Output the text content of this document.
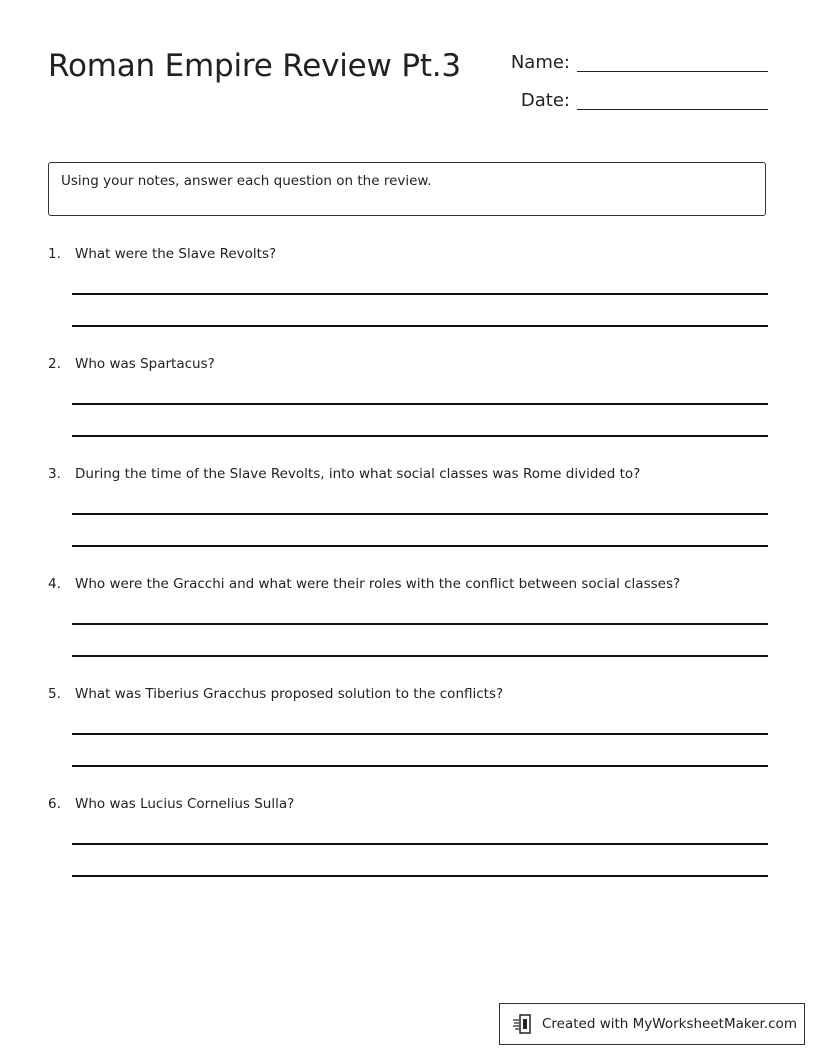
Roman Empire Review Pt.3	Name:
Date:
Using your notes, answer each question on the review.
1. What were the Slave Revolts?
2. Who was Spartacus?
3. During the time of the Slave Revolts, into what social classes was Rome divided to?
4. Who were the Gracchi and what were their roles with the conflict between social classes?
5. What was Tiberius Gracchus proposed solution to the conflicts?
6. Who was Lucius Cornelius Sulla?
Created with MyWorksheetMaker.com
